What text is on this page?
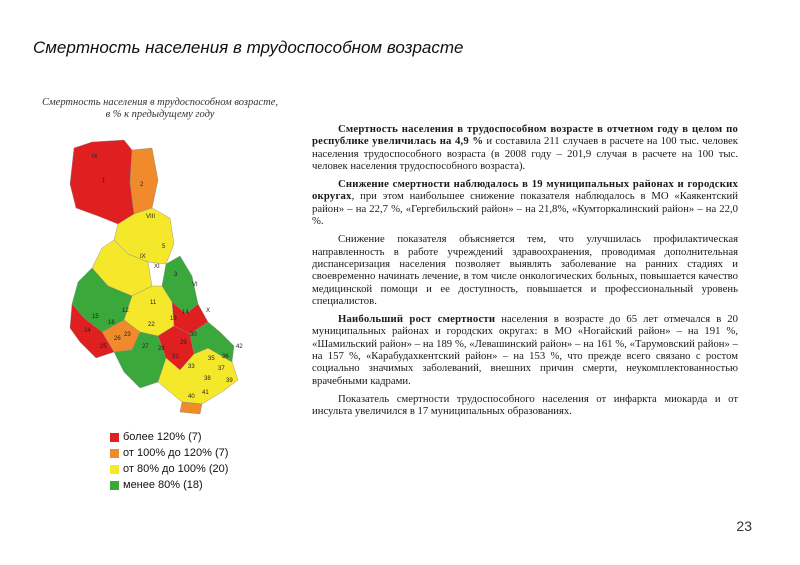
Смертность населения в трудоспособном возрасте
Смертность населения в трудоспособном возрасте, в % к предыдущему году
IX
1
2
VIII
IX
XI
3
5
VI
X
14
11
15
12
16
19
22
23
24
25
26
27 28
29
30
31
33
35 36
37
38	39
40
41
42
более 120% (7)
от 100% до 120% (7)
от 80% до 100% (20)
менее 80% (18)

Смертность населения в трудоспособном возрасте в отчетном году в целом по республике увеличилась на 4,9 % и составила 211 случаев в расчете на 100 тыс. человек населения трудоспособного возраста (в 2008 году – 201,9 случая в расчете на 100 тыс. человек населения трудоспособного возраста).

Снижение смертности наблюдалось в 19 муниципальных районах и городских округах, при этом наибольшее снижение показателя наблюдалось в МО «Каякентский район» – на 22,7 %, «Гергебильский район» – на 21,8%, «Кумторкалинский район» – на 22,0 %.

Снижение показателя объясняется тем, что улучшилась профилактическая направленность в работе учреждений здравоохранения, проводимая дополнительная диспансеризация населения позволяет выявлять заболевание на ранних стадиях и своевременно начинать лечение, в том числе онкологических больных, повышается качество медицинской помощи и ее доступность, повышается и профессиональный уровень специалистов.

Наибольший рост смертности населения в возрасте до 65 лет отмечался в 20 муниципальных районах и городских округах: в МО «Ногайский район» – на 191 %, «Шамильский район» – на 189 %, «Левашинский район» – на 161 %, «Тарумовский район» – на 157 %, «Карабудахкентский район» – на 153 %, что прежде всего связано с ростом социально значимых заболеваний, внешних причин смерти, неукомплектованностью врачебными кадрами.

Показатель смертности трудоспособного населения от инфаркта миокарда и от инсульта увеличился в 17 муниципальных образованиях.

23
